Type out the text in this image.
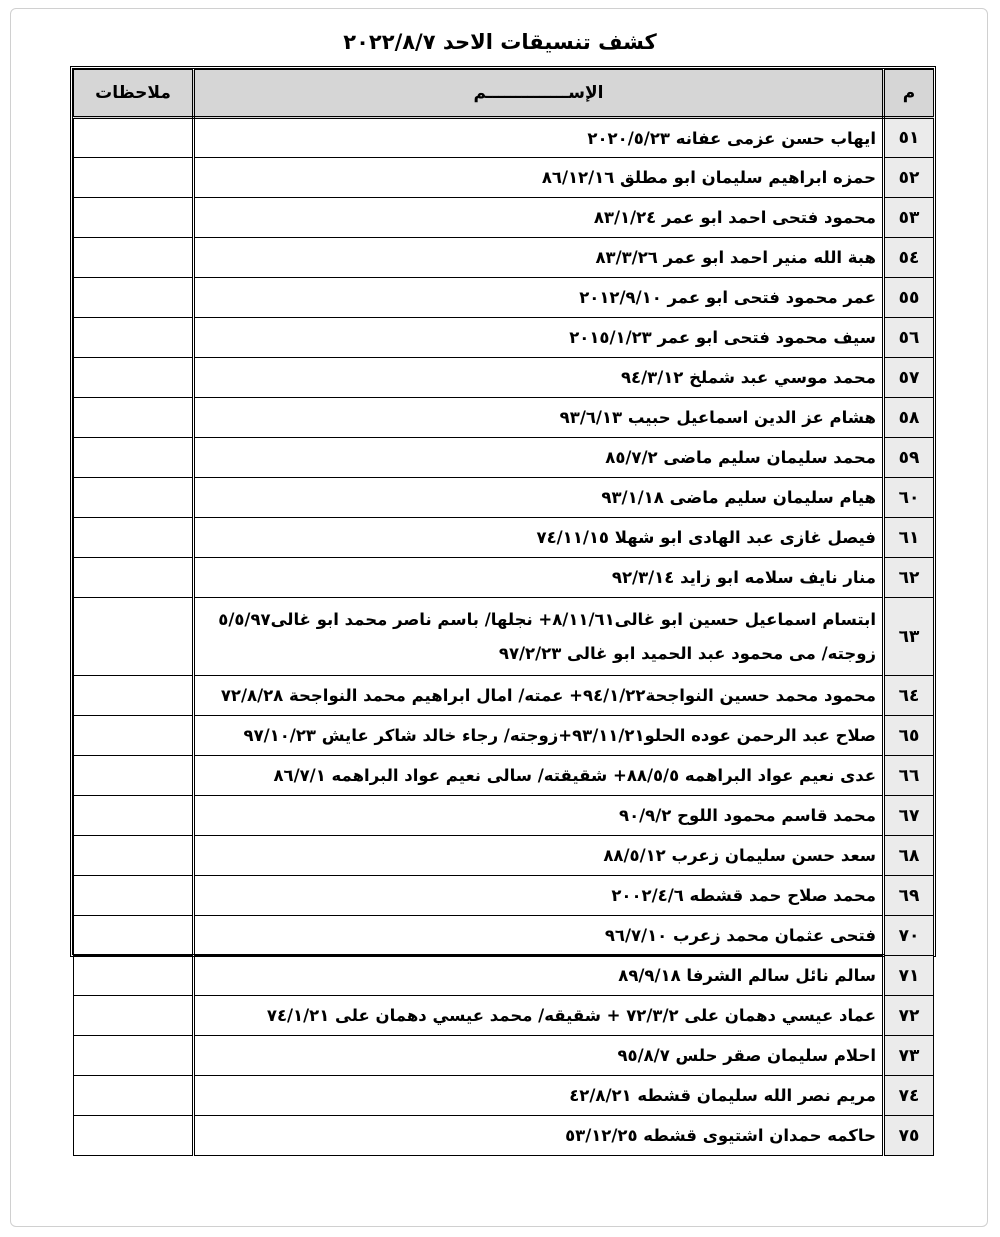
كشف تنسيقات الاحد ٢٠٢٢/٨/٧
م	الإســــــــــــــم	ملاحظات
٥١	ايهاب حسن عزمى عفانه ٢٠٢٠/٥/٢٣	
٥٢	حمزه ابراهيم سليمان ابو مطلق ٨٦/١٢/١٦	
٥٣	محمود فتحى احمد ابو عمر ٨٣/١/٢٤	
٥٤	هبة الله منير احمد ابو عمر ٨٣/٣/٢٦	
٥٥	عمر محمود فتحى ابو عمر ٢٠١٢/٩/١٠	
٥٦	سيف محمود فتحى ابو عمر ٢٠١٥/١/٢٣	
٥٧	محمد موسي عبد شملخ ٩٤/٣/١٢	
٥٨	هشام عز الدين اسماعيل حبيب ٩٣/٦/١٣	
٥٩	محمد سليمان سليم ماضى ٨٥/٧/٢	
٦٠	هيام سليمان سليم ماضى ٩٣/١/١٨	
٦١	فيصل غازى عبد الهادى ابو شهلا ٧٤/١١/١٥	
٦٢	منار نايف سلامه ابو زايد ٩٢/٣/١٤	
٦٣	ابتسام اسماعيل حسين ابو غالى٨/١١/٦١+ نجلها/ باسم ناصر محمد ابو غالى٥/٥/٩٧ زوجته/ مى محمود عبد الحميد ابو غالى ٩٧/٢/٢٣	
٦٤	محمود محمد حسين النواجحة٩٤/١/٢٢+ عمته/ امال ابراهيم محمد النواجحة ٧٢/٨/٢٨	
٦٥	صلاح عبد الرحمن عوده الحلو٩٣/١١/٢١+زوجته/ رجاء خالد شاكر عايش ٩٧/١٠/٢٣	
٦٦	عدى نعيم عواد البراهمه ٨٨/٥/٥+ شقيقته/ سالى نعيم عواد البراهمه ٨٦/٧/١	
٦٧	محمد قاسم محمود اللوح ٩٠/٩/٢	
٦٨	سعد حسن سليمان زعرب ٨٨/٥/١٢	
٦٩	محمد صلاح حمد قشطه ٢٠٠٢/٤/٦	
٧٠	فتحى عثمان محمد زعرب ٩٦/٧/١٠	
٧١	سالم نائل سالم الشرفا ٨٩/٩/١٨	
٧٢	عماد عيسي دهمان على ٧٢/٣/٢ + شقيقه/ محمد عيسي دهمان على ٧٤/١/٢١	
٧٣	احلام سليمان صقر حلس ٩٥/٨/٧	
٧٤	مريم نصر الله سليمان قشطه ٤٢/٨/٢١	
٧٥	حاكمه حمدان اشتيوى قشطه ٥٣/١٢/٢٥	
